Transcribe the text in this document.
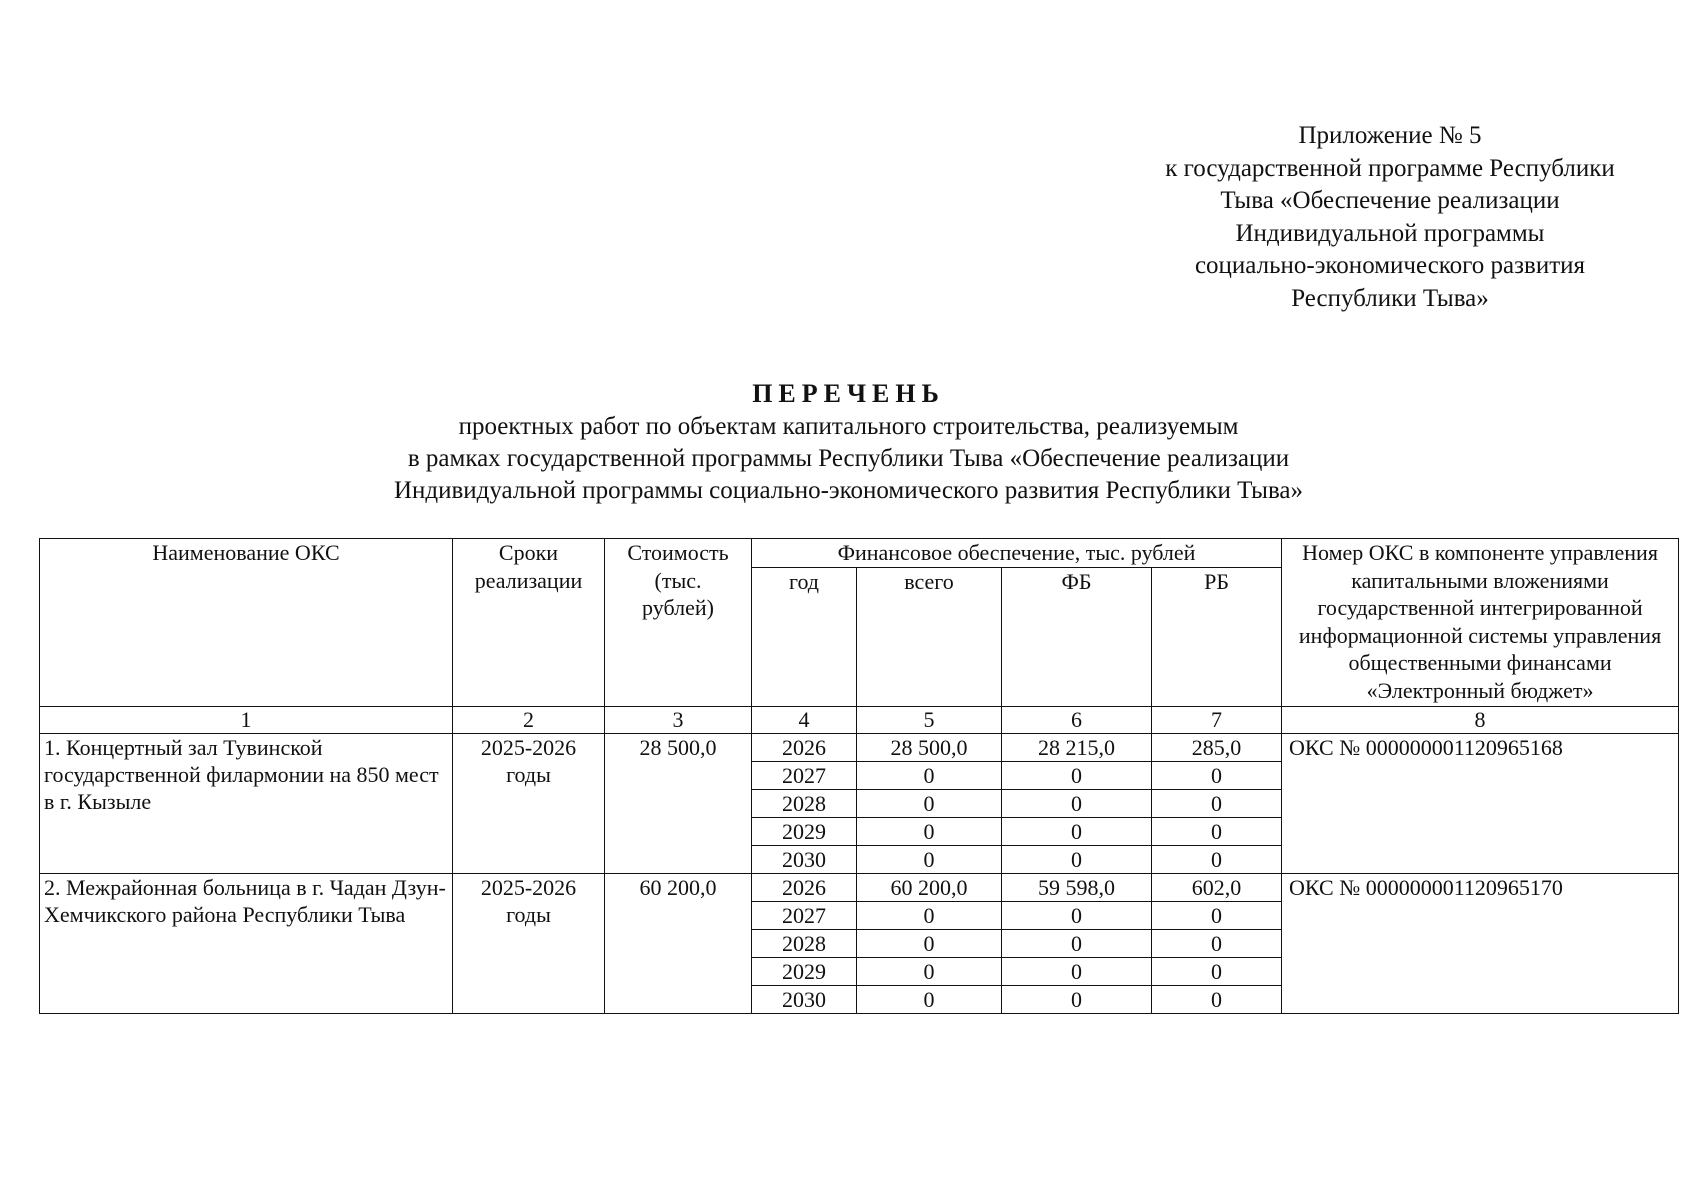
Приложение № 5
к государственной программе Республики
Тыва «Обеспечение реализации
Индивидуальной программы
социально-экономического развития
Республики Тыва»
ПЕРЕЧЕНЬ
проектных работ по объектам капитального строительства, реализуемым
в рамках государственной программы Республики Тыва «Обеспечение реализации
Индивидуальной программы социально-экономического развития Республики Тыва»
Наименование ОКС	Сроки реализации	Стоимость (тыс. рублей)	Финансовое обеспечение, тыс. рублей				Номер ОКС в компоненте управления капитальными вложениями государственной интегрированной информационной системы управления общественными финансами «Электронный бюджет»
			год	всего	ФБ	РБ	
1	2	3	4	5	6	7	8
1. Концертный зал Тувинской государственной филармонии на 850 мест в г. Кызыле	2025-2026 годы	28 500,0	2026	28 500,0	28 215,0	285,0	ОКС № 000000001120965168
			2027	0	0	0	
			2028	0	0	0	
			2029	0	0	0	
			2030	0	0	0	
2. Межрайонная больница в г. Чадан Дзун-Хемчикского района Республики Тыва	2025-2026 годы	60 200,0	2026	60 200,0	59 598,0	602,0	ОКС № 000000001120965170
			2027	0	0	0	
			2028	0	0	0	
			2029	0	0	0	
			2030	0	0	0	
